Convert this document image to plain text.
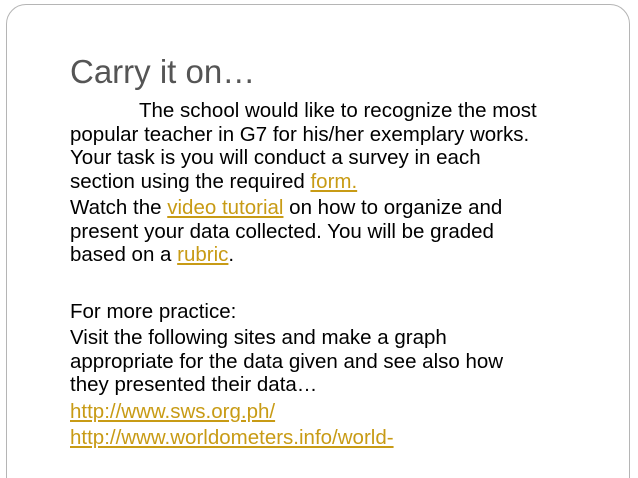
Carry it on…

The school would like to recognize the most
popular teacher in G7 for his/her exemplary works.
Your task is you will conduct a survey in each
section using the required form.

Watch the video tutorial on how to organize and
present your data collected. You will be graded
based on a rubric.

For more practice:

Visit the following sites and make a graph
appropriate for the data given and see also how
they presented their data…

http://www.sws.org.ph/

http://www.worldometers.info/world-
